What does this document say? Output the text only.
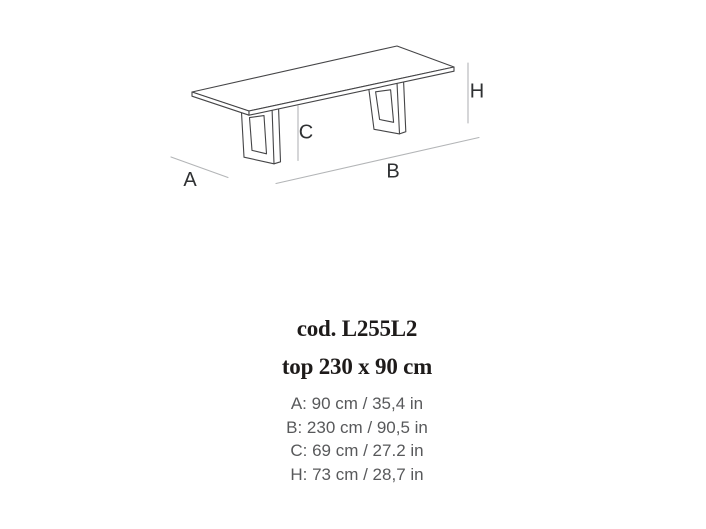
A	B
C
H
cod. L255L2
top 230 x 90 cm
A: 90 cm / 35,4 in
B: 230 cm / 90,5 in
C: 69 cm / 27.2 in
H: 73 cm / 28,7 in
